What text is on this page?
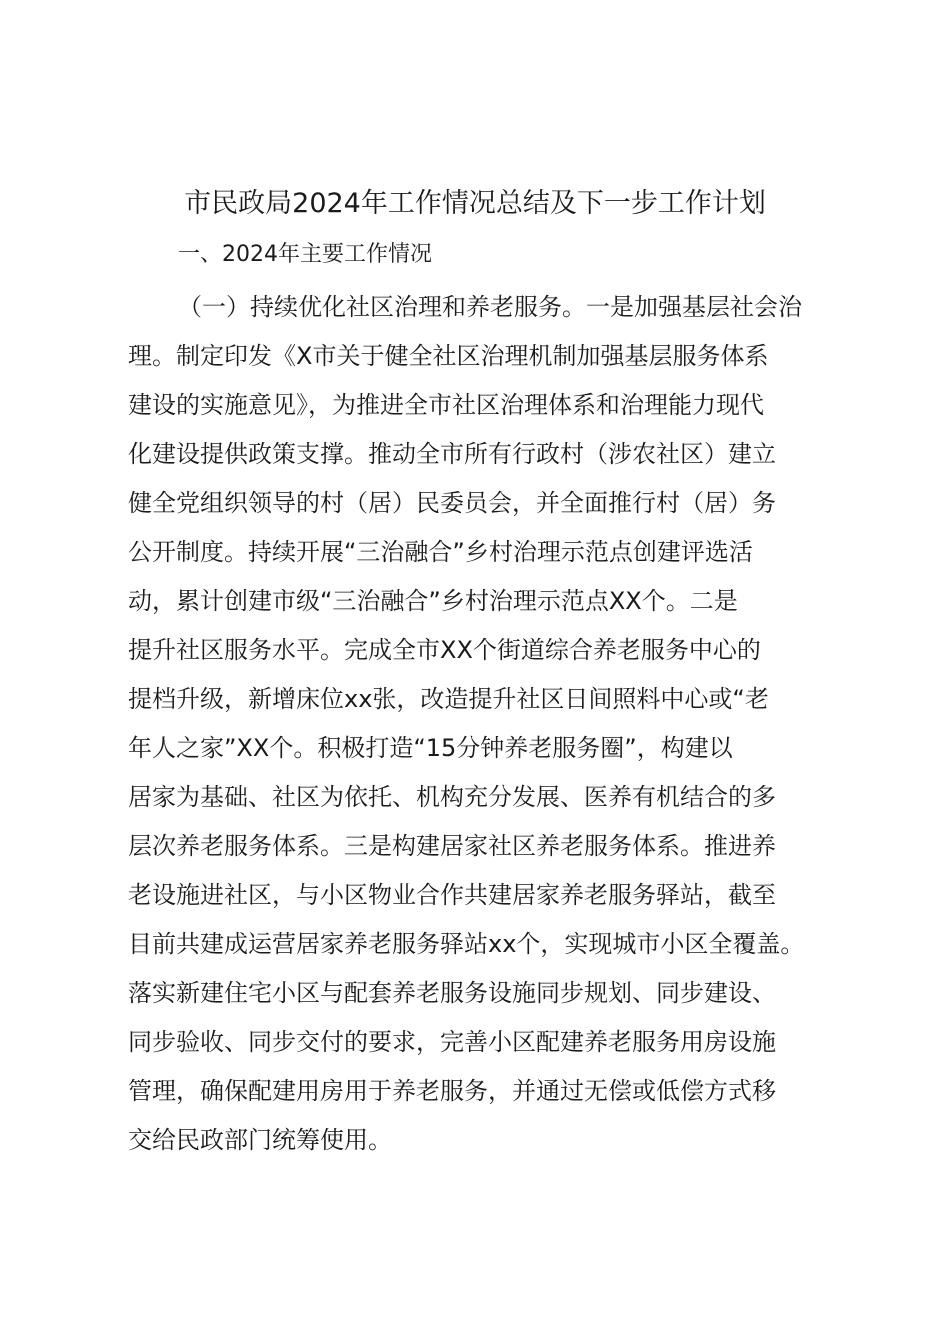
市民政局2024年工作情况总结及下一步工作计划
一、2024年主要工作情况
（一）持续优化社区治理和养老服务。一是加强基层社会治
理。制定印发《X市关于健全社区治理机制加强基层服务体系
建设的实施意见》，为推进全市社区治理体系和治理能力现代
化建设提供政策支撑。推动全市所有行政村（涉农社区）建立
健全党组织领导的村（居）民委员会，并全面推行村（居）务
公开制度。持续开展“三治融合”乡村治理示范点创建评选活
动，累计创建市级“三治融合”乡村治理示范点XX个。二是
提升社区服务水平。完成全市XX个街道综合养老服务中心的
提档升级，新增床位xx张，改造提升社区日间照料中心或“老
年人之家”XX个。积极打造“15分钟养老服务圈”，构建以
居家为基础、社区为依托、机构充分发展、医养有机结合的多
层次养老服务体系。三是构建居家社区养老服务体系。推进养
老设施进社区，与小区物业合作共建居家养老服务驿站，截至
目前共建成运营居家养老服务驿站xx个，实现城市小区全覆盖。
落实新建住宅小区与配套养老服务设施同步规划、同步建设、
同步验收、同步交付的要求，完善小区配建养老服务用房设施
管理，确保配建用房用于养老服务，并通过无偿或低偿方式移
交给民政部门统筹使用。
